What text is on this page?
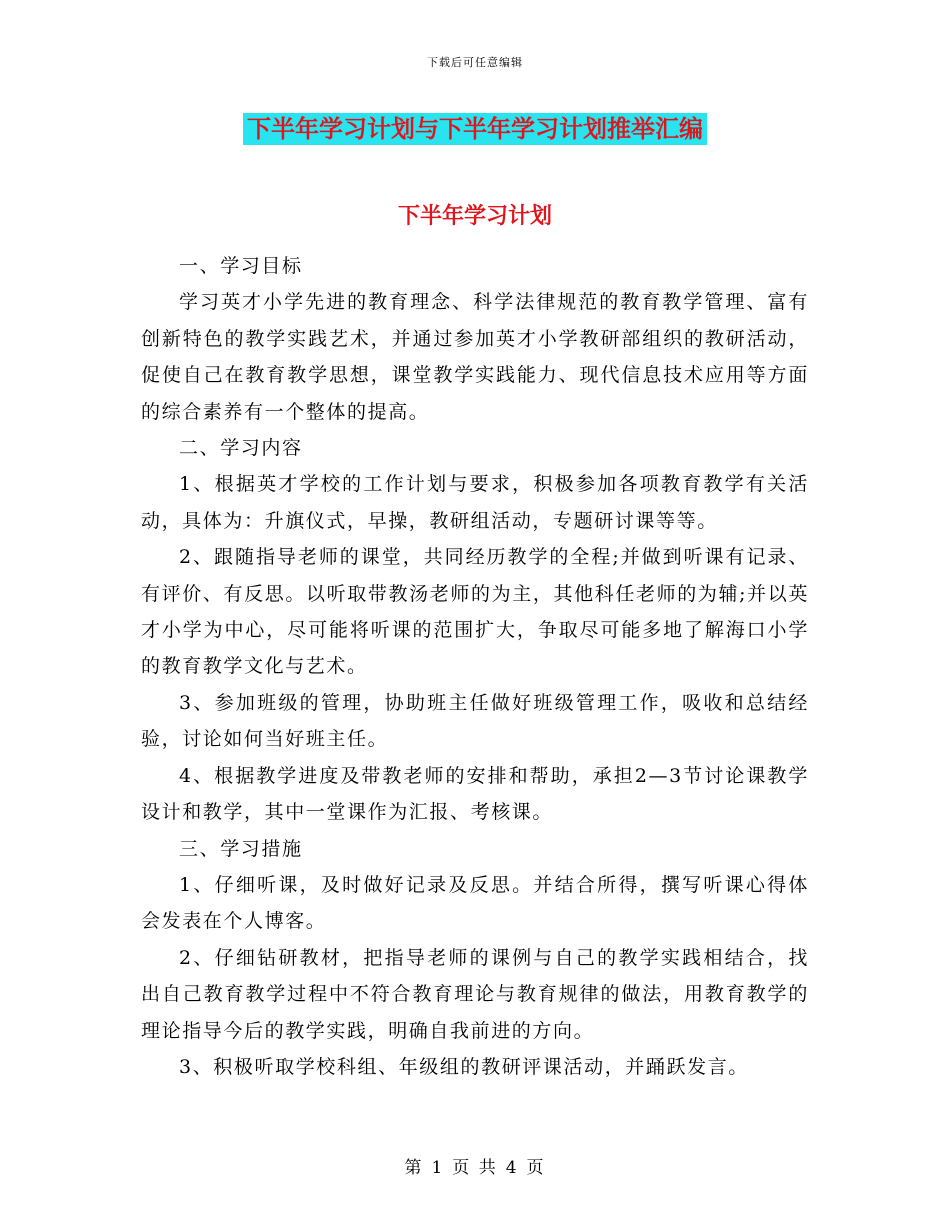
下载后可任意编辑
下半年学习计划与下半年学习计划推举汇编
下半年学习计划

一、学习目标

学习英才小学先进的教育理念、科学法律规范的教育教学管理、富有创新特色的教学实践艺术，并通过参加英才小学教研部组织的教研活动，促使自己在教育教学思想，课堂教学实践能力、现代信息技术应用等方面的综合素养有一个整体的提高。

二、学习内容

1、根据英才学校的工作计划与要求，积极参加各项教育教学有关活动，具体为：升旗仪式，早操，教研组活动，专题研讨课等等。

2、跟随指导老师的课堂，共同经历教学的全程;并做到听课有记录、有评价、有反思。以听取带教汤老师的为主，其他科任老师的为辅;并以英才小学为中心，尽可能将听课的范围扩大，争取尽可能多地了解海口小学的教育教学文化与艺术。

3、参加班级的管理，协助班主任做好班级管理工作，吸收和总结经验，讨论如何当好班主任。

4、根据教学进度及带教老师的安排和帮助，承担2—3节讨论课教学设计和教学，其中一堂课作为汇报、考核课。

三、学习措施

1、仔细听课，及时做好记录及反思。并结合所得，撰写听课心得体会发表在个人博客。

2、仔细钻研教材，把指导老师的课例与自己的教学实践相结合，找出自己教育教学过程中不符合教育理论与教育规律的做法，用教育教学的理论指导今后的教学实践，明确自我前进的方向。

3、积极听取学校科组、年级组的教研评课活动，并踊跃发言。

第 1 页 共 4 页
